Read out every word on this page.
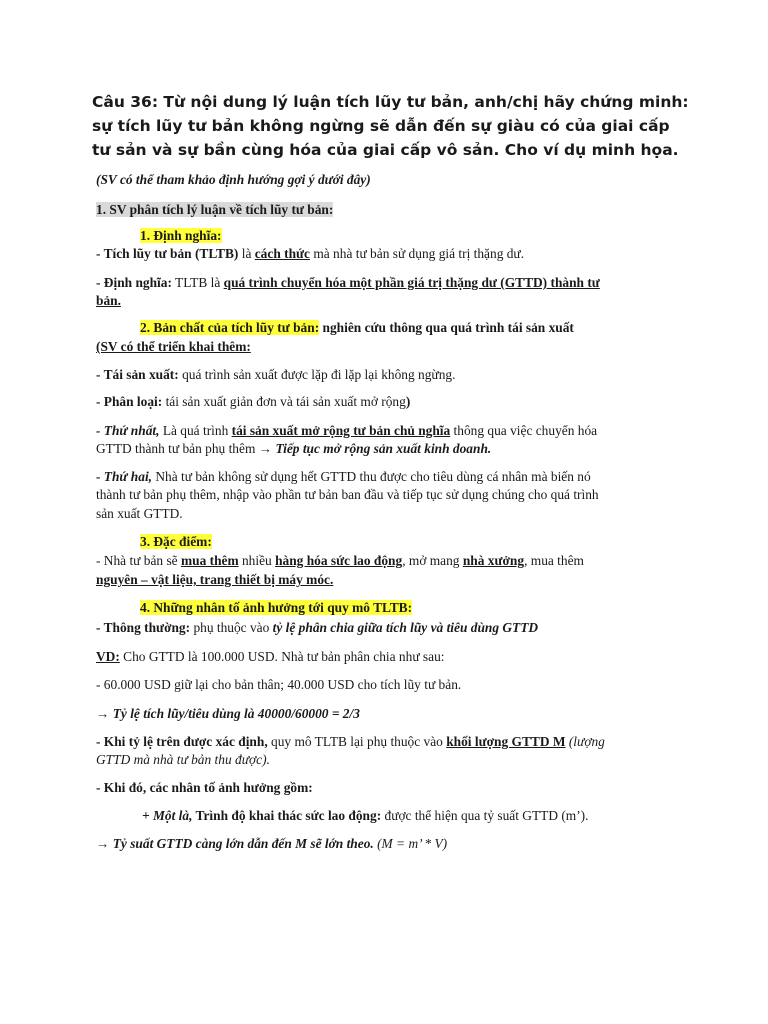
Câu 36: Từ nội dung lý luận tích lũy tư bản, anh/chị hãy chứng minh: sự tích lũy tư bản không ngừng sẽ dẫn đến sự giàu có của giai cấp tư sản và sự bần cùng hóa của giai cấp vô sản. Cho ví dụ minh họa.
(SV có thể tham khảo định hướng gợi ý dưới đây)
1. SV phân tích lý luận về tích lũy tư bản:
1. Định nghĩa:
- Tích lũy tư bản (TLTB) là cách thức mà nhà tư bản sử dụng giá trị thặng dư.
- Định nghĩa: TLTB là quá trình chuyển hóa một phần giá trị thặng dư (GTTD) thành tư
bản.
2. Bản chất của tích lũy tư bản: nghiên cứu thông qua quá trình tái sản xuất
(SV có thể triển khai thêm:
- Tái sản xuất: quá trình sản xuất được lặp đi lặp lại không ngừng.
- Phân loại: tái sản xuất giản đơn và tái sản xuất mở rộng)
- Thứ nhất, Là quá trình tái sản xuất mở rộng tư bản chủ nghĩa thông qua việc chuyển hóa
GTTD thành tư bản phụ thêm → Tiếp tục mở rộng sản xuất kinh doanh.
- Thứ hai, Nhà tư bản không sử dụng hết GTTD thu được cho tiêu dùng cá nhân mà biến nó
thành tư bản phụ thêm, nhập vào phần tư bản ban đầu và tiếp tục sử dụng chúng cho quá trình
sản xuất GTTD.
3. Đặc điểm:
- Nhà tư bản sẽ mua thêm nhiều hàng hóa sức lao động, mở mang nhà xưởng, mua thêm
nguyên – vật liệu, trang thiết bị máy móc.
4. Những nhân tố ảnh hưởng tới quy mô TLTB:
- Thông thường: phụ thuộc vào tỷ lệ phân chia giữa tích lũy và tiêu dùng GTTD
VD: Cho GTTD là 100.000 USD. Nhà tư bản phân chia như sau:
- 60.000 USD giữ lại cho bản thân; 40.000 USD cho tích lũy tư bản.
→ Tỷ lệ tích lũy/tiêu dùng là 40000/60000 = 2/3
- Khi tỷ lệ trên được xác định, quy mô TLTB lại phụ thuộc vào khối lượng GTTD M (lượng
GTTD mà nhà tư bản thu được).
- Khi đó, các nhân tố ảnh hưởng gồm:
+ Một là, Trình độ khai thác sức lao động: được thể hiện qua tỷ suất GTTD (m’).
→ Tỷ suất GTTD càng lớn dẫn đến M sẽ lớn theo. (M = m’ * V)
